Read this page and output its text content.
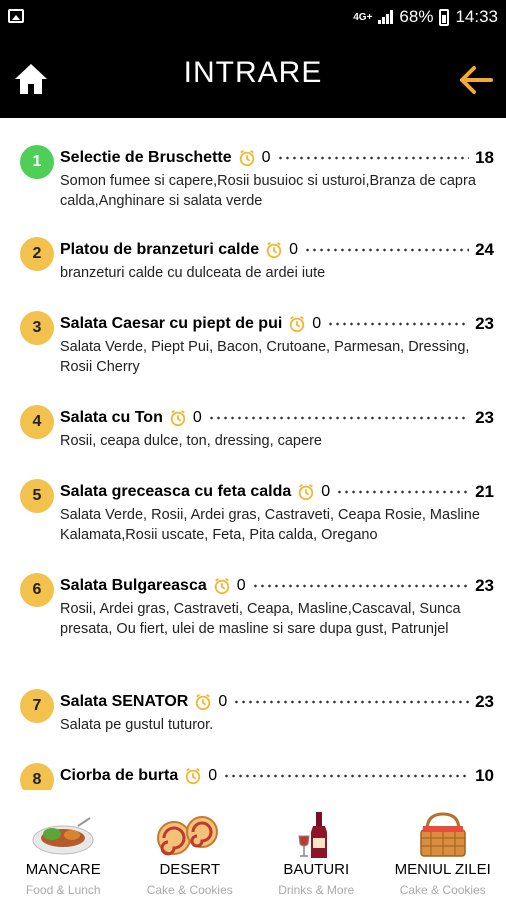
4G+ 68% 14:33
INTRARE
1	Selectie de Bruschette 0	18
Somon fumee si capere,Rosii busuioc si usturoi,Branza de capra calda,Anghinare si salata verde
2	Platou de branzeturi calde 0	24
branzeturi calde cu dulceata de ardei iute
3	Salata Caesar cu piept de pui 0	23
Salata Verde, Piept Pui, Bacon, Crutoane, Parmesan, Dressing, Rosii Cherry
4	Salata cu Ton 0	23
Rosii, ceapa dulce, ton, dressing, capere
5	Salata greceasca cu feta calda 0	21
Salata Verde, Rosii, Ardei gras, Castraveti, Ceapa Rosie, Masline Kalamata,Rosii uscate, Feta, Pita calda, Oregano
6	Salata Bulgareasca 0	23
Rosii, Ardei gras, Castraveti, Ceapa, Masline,Cascaval, Sunca presata, Ou fiert, ulei de masline si sare dupa gust, Patrunjel
7	Salata SENATOR 0	23
Salata pe gustul tuturor.
8	Ciorba de burta 0	10
MANCARE
Food & Lunch
DESERT
Cake & Cookies
BAUTURI
Drinks & More
MENIUL ZILEI
Cake & Cookies
